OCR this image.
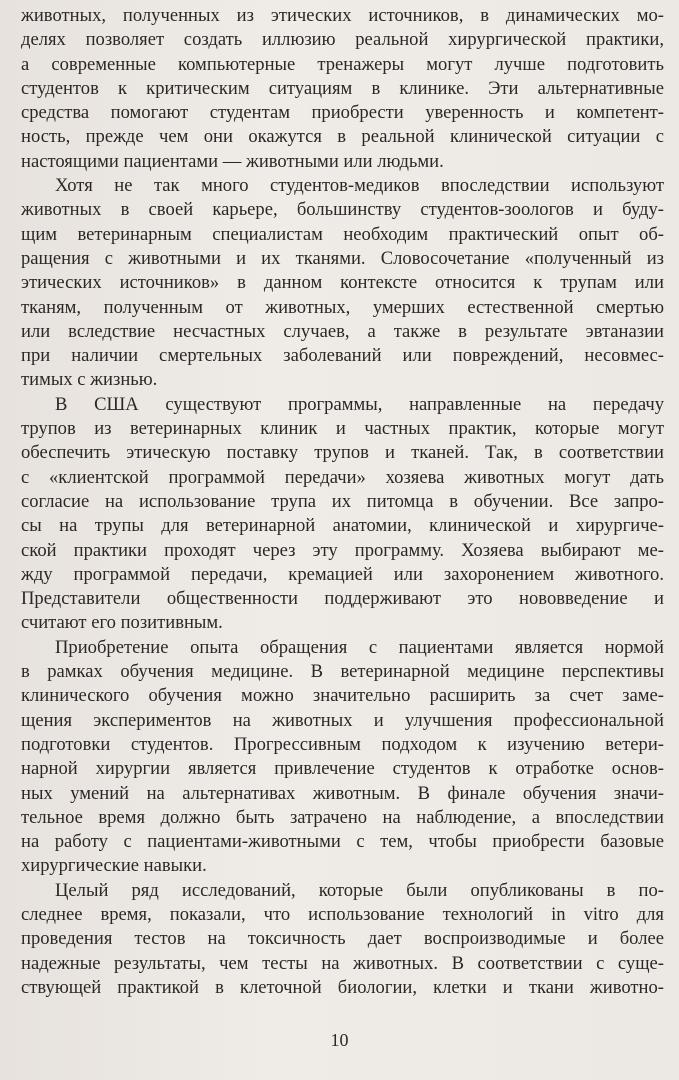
животных, полученных из этических источников, в динамических мо-
делях позволяет создать иллюзию реальной хирургической практики,
а современные компьютерные тренажеры могут лучше подготовить
студентов к критическим ситуациям в клинике. Эти альтернативные
средства помогают студентам приобрести уверенность и компетент-
ность, прежде чем они окажутся в реальной клинической ситуации с
настоящими пациентами — животными или людьми.
Хотя не так много студентов-медиков впоследствии используют
животных в своей карьере, большинству студентов-зоологов и буду-
щим ветеринарным специалистам необходим практический опыт об-
ращения с животными и их тканями. Словосочетание «полученный из
этических источников» в данном контексте относится к трупам или
тканям, полученным от животных, умерших естественной смертью
или вследствие несчастных случаев, а также в результате эвтаназии
при наличии смертельных заболеваний или повреждений, несовмес-
тимых с жизнью.
В США существуют программы, направленные на передачу
трупов из ветеринарных клиник и частных практик, которые могут
обеспечить этическую поставку трупов и тканей. Так, в соответствии
с «клиентской программой передачи» хозяева животных могут дать
согласие на использование трупа их питомца в обучении. Все запро-
сы на трупы для ветеринарной анатомии, клинической и хирургиче-
ской практики проходят через эту программу. Хозяева выбирают ме-
жду программой передачи, кремацией или захоронением животного.
Представители общественности поддерживают это нововведение и
считают его позитивным.
Приобретение опыта обращения с пациентами является нормой
в рамках обучения медицине. В ветеринарной медицине перспективы
клинического обучения можно значительно расширить за счет заме-
щения экспериментов на животных и улучшения профессиональной
подготовки студентов. Прогрессивным подходом к изучению ветери-
нарной хирургии является привлечение студентов к отработке основ-
ных умений на альтернативах животным. В финале обучения значи-
тельное время должно быть затрачено на наблюдение, а впоследствии
на работу с пациентами-животными с тем, чтобы приобрести базовые
хирургические навыки.
Целый ряд исследований, которые были опубликованы в по-
следнее время, показали, что использование технологий in vitro для
проведения тестов на токсичность дает воспроизводимые и более
надежные результаты, чем тесты на животных. В соответствии с суще-
ствующей практикой в клеточной биологии, клетки и ткани животно-
10
